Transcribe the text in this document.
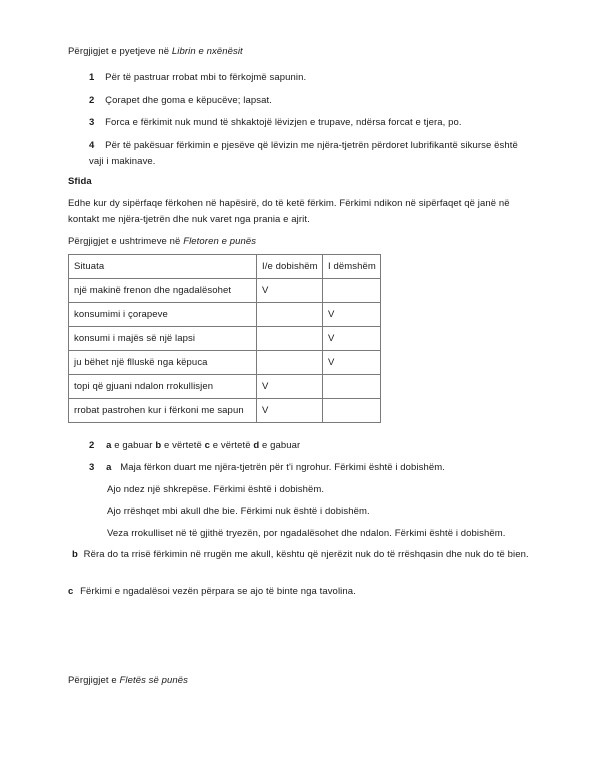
Përgjigjet e pyetjeve në Librin e nxënësit
1 Për të pastruar rrobat mbi to fërkojmë sapunin.
2 Çorapet dhe goma e këpucëve; lapsat.
3 Forca e fërkimit nuk mund të shkaktojë lëvizjen e trupave, ndërsa forcat e tjera, po.
4 Për të pakësuar fërkimin e pjesëve që lëvizin me njëra-tjetrën përdoret lubrifikantë sikurse është vaji i makinave.
Sfida
Edhe kur dy sipërfaqe fërkohen në hapësirë, do të ketë fërkim. Fërkimi ndikon në sipërfaqet që janë në kontakt me njëra-tjetrën dhe nuk varet nga prania e ajrit.
Përgjigjet e ushtrimeve në Fletoren e punës
Situata	I/e dobishëm	I dëmshëm
një makinë frenon dhe ngadalësohet	V	
konsumimi i çorapeve		V
konsumi i majës së një lapsi		V
ju bëhet një flluskë nga këpuca		V
topi që gjuani ndalon rrokullisjen	V	
rrobat pastrohen kur i fërkoni me sapun	V	
2 a e gabuar b e vërtetë c e vërtetë d e gabuar
3 a Maja fërkon duart me njëra-tjetrën për t'i ngrohur. Fërkimi është i dobishëm.
Ajo ndez një shkrepëse. Fërkimi është i dobishëm.
Ajo rrëshqet mbi akull dhe bie. Fërkimi nuk është i dobishëm.
Veza rrokulliset në të gjithë tryezën, por ngadalësohet dhe ndalon. Fërkimi është i dobishëm.
b Rëra do ta rrisë fërkimin në rrugën me akull, kështu që njerëzit nuk do të rrëshqasin dhe nuk do të bien.
c Fërkimi e ngadalësoi vezën përpara se ajo të binte nga tavolina.
Përgjigjet e Fletës së punës
